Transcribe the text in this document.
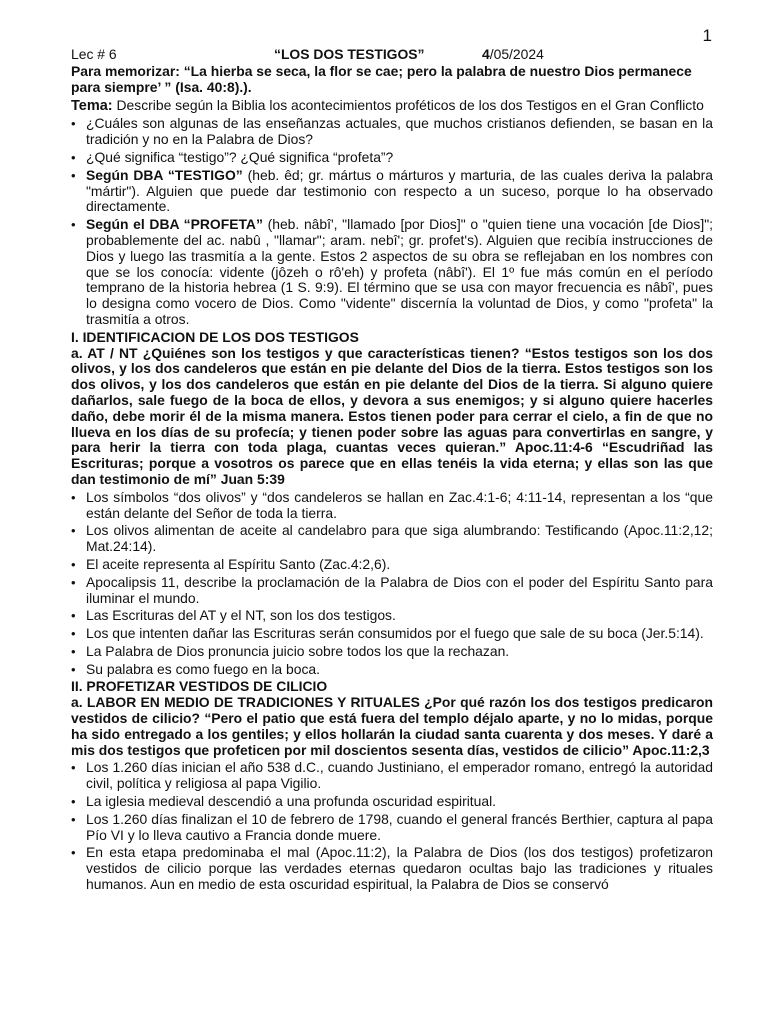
1
Lec # 6	“LOS DOS TESTIGOS”	4/05/2024

Para memorizar: “La hierba se seca, la flor se cae; pero la palabra de nuestro Dios permanece para siempre’ ” (Isa. 40:8).).

Tema: Describe según la Biblia los acontecimientos proféticos de los dos Testigos en el Gran Conflicto

• ¿Cuáles son algunas de las enseñanzas actuales, que muchos cristianos defienden, se basan en la tradición y no en la Palabra de Dios?
• ¿Qué significa “testigo”? ¿Qué significa “profeta”?
• Según DBA “TESTIGO” (heb. êd; gr. mártus o márturos y marturia, de las cuales deriva la palabra "mártir"). Alguien que puede dar testimonio con respecto a un suceso, porque lo ha observado directamente.
• Según el DBA “PROFETA” (heb. nâbî', "llamado [por Dios]" o "quien tiene una vocación [de Dios]"; probablemente del ac. nabû , "llamar"; aram. nebî'; gr. profet's). Alguien que recibía instrucciones de Dios y luego las trasmitía a la gente. Estos 2 aspectos de su obra se reflejaban en los nombres con que se los conocía: vidente (jôzeh o rô'eh) y profeta (nâbî'). El 1º fue más común en el período temprano de la historia hebrea (1 S. 9:9). El término que se usa con mayor frecuencia es nâbî', pues lo designa como vocero de Dios. Como "vidente" discernía la voluntad de Dios, y como "profeta" la trasmitía a otros.

I. IDENTIFICACION DE LOS DOS TESTIGOS

a. AT / NT ¿Quiénes son los testigos y que características tienen? “Estos testigos son los dos olivos, y los dos candeleros que están en pie delante del Dios de la tierra. Estos testigos son los dos olivos, y los dos candeleros que están en pie delante del Dios de la tierra. Si alguno quiere dañarlos, sale fuego de la boca de ellos, y devora a sus enemigos; y si alguno quiere hacerles daño, debe morir él de la misma manera. Estos tienen poder para cerrar el cielo, a fin de que no llueva en los días de su profecía; y tienen poder sobre las aguas para convertirlas en sangre, y para herir la tierra con toda plaga, cuantas veces quieran.” Apoc.11:4-6 “Escudriñad las Escrituras; porque a vosotros os parece que en ellas tenéis la vida eterna; y ellas son las que dan testimonio de mí” Juan 5:39

• Los símbolos “dos olivos” y “dos candeleros se hallan en Zac.4:1-6; 4:11-14, representan a los “que están delante del Señor de toda la tierra.
• Los olivos alimentan de aceite al candelabro para que siga alumbrando: Testificando (Apoc.11:2,12; Mat.24:14).
• El aceite representa al Espíritu Santo (Zac.4:2,6).
• Apocalipsis 11, describe la proclamación de la Palabra de Dios con el poder del Espíritu Santo para iluminar el mundo.
• Las Escrituras del AT y el NT, son los dos testigos.
• Los que intenten dañar las Escrituras serán consumidos por el fuego que sale de su boca (Jer.5:14).
• La Palabra de Dios pronuncia juicio sobre todos los que la rechazan.
• Su palabra es como fuego en la boca.

II. PROFETIZAR VESTIDOS DE CILICIO

a. LABOR EN MEDIO DE TRADICIONES Y RITUALES ¿Por qué razón los dos testigos predicaron vestidos de cilicio? “Pero el patio que está fuera del templo déjalo aparte, y no lo midas, porque ha sido entregado a los gentiles; y ellos hollarán la ciudad santa cuarenta y dos meses. Y daré a mis dos testigos que profeticen por mil doscientos sesenta días, vestidos de cilicio” Apoc.11:2,3

• Los 1.260 días inician el año 538 d.C., cuando Justiniano, el emperador romano, entregó la autoridad civil, política y religiosa al papa Vigilio.
• La iglesia medieval descendió a una profunda oscuridad espiritual.
• Los 1.260 días finalizan el 10 de febrero de 1798, cuando el general francés Berthier, captura al papa Pío VI y lo lleva cautivo a Francia donde muere.
• En esta etapa predominaba el mal (Apoc.11:2), la Palabra de Dios (los dos testigos) profetizaron vestidos de cilicio porque las verdades eternas quedaron ocultas bajo las tradiciones y rituales humanos. Aun en medio de esta oscuridad espiritual, la Palabra de Dios se conservó
